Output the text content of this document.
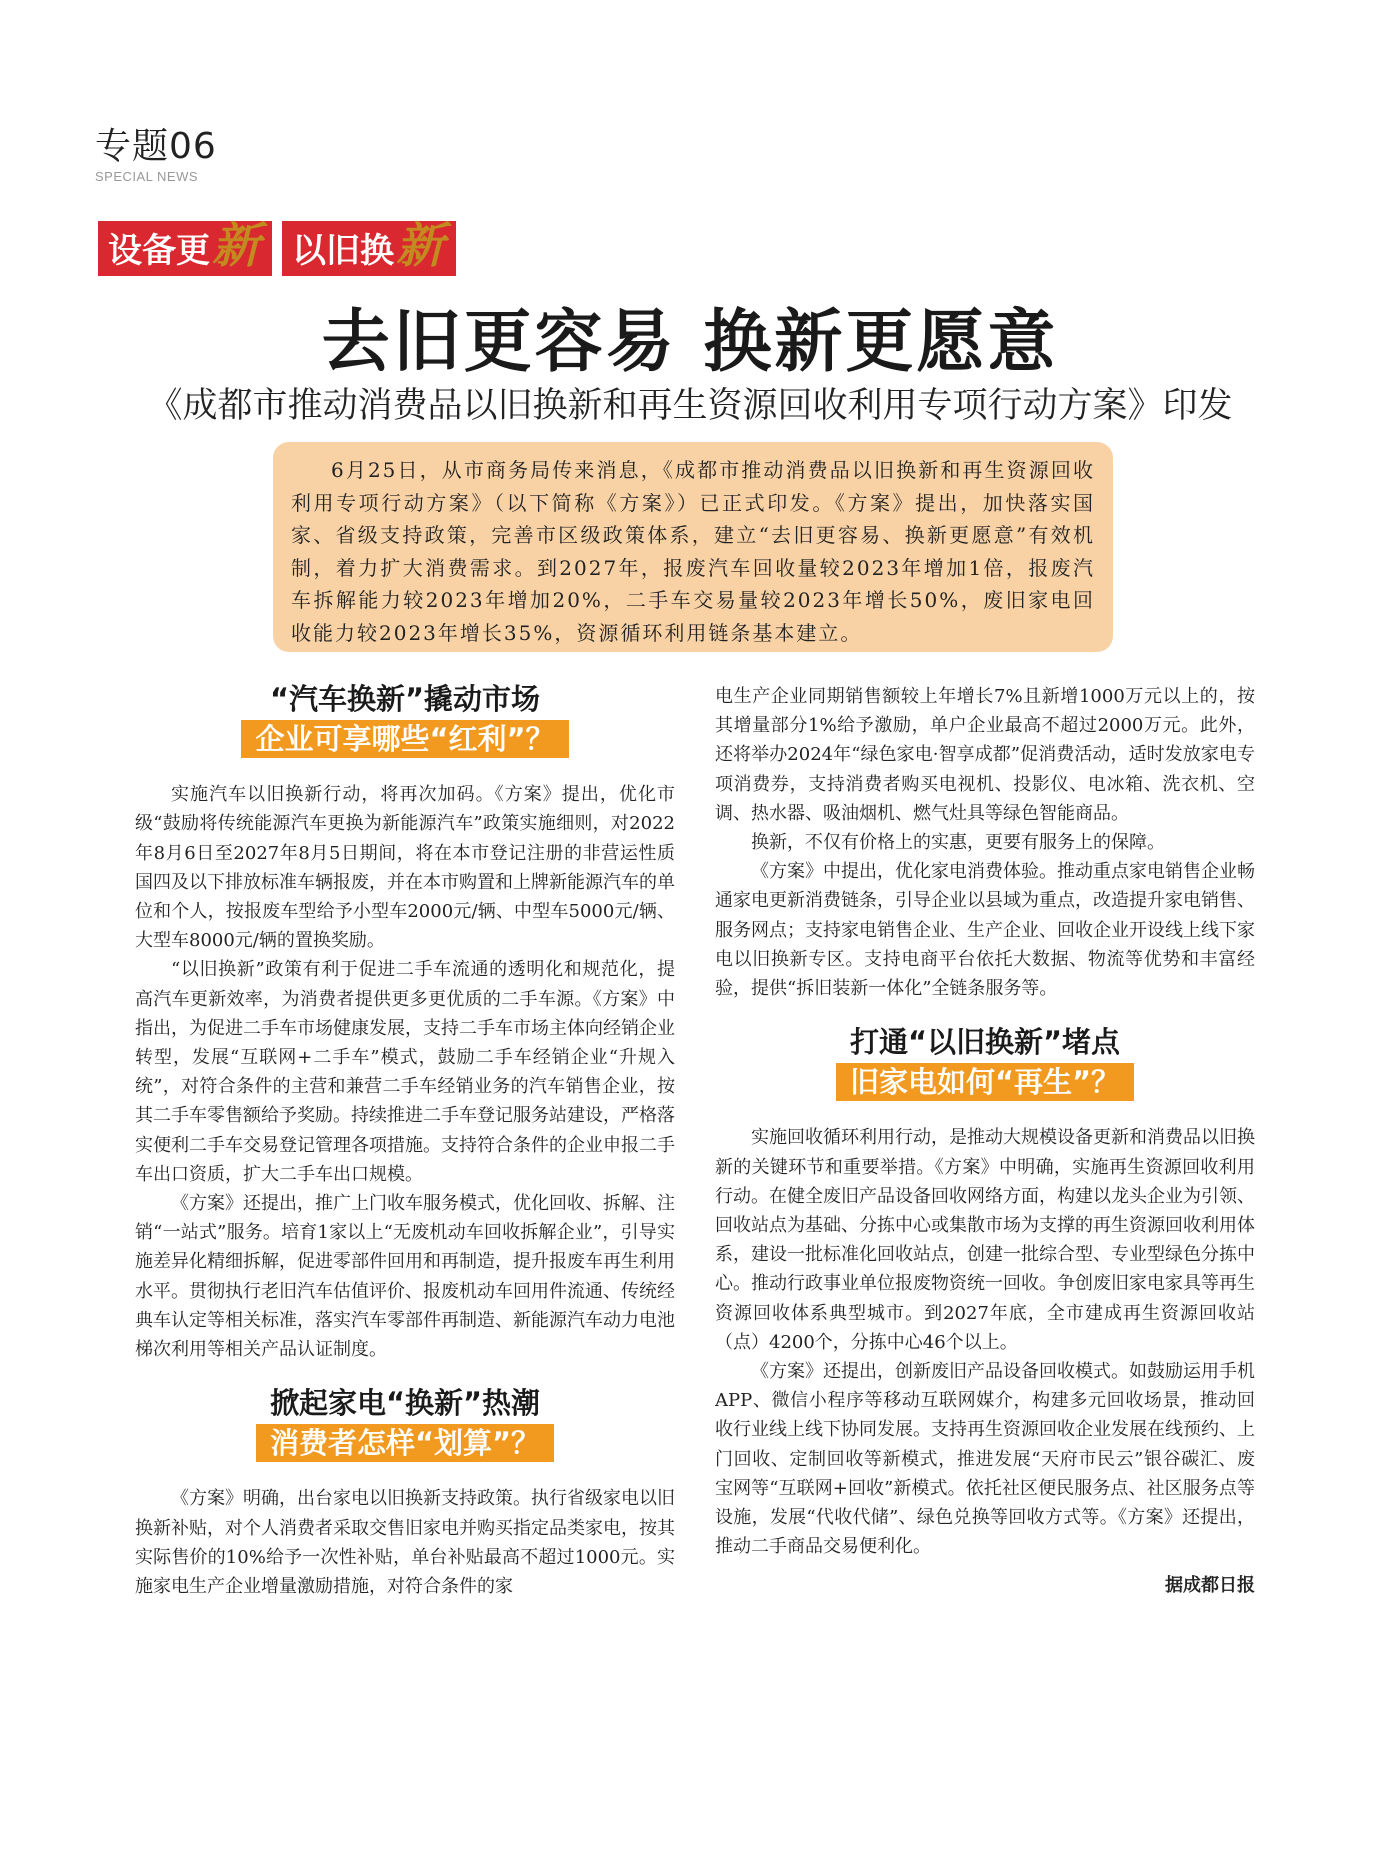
专题06
SPECIAL NEWS
设备更新 以旧换新
去旧更容易 换新更愿意
《成都市推动消费品以旧换新和再生资源回收利用专项行动方案》印发

6月25日，从市商务局传来消息，《成都市推动消费品以旧换新和再生资源回收利用专项行动方案》（以下简称《方案》）已正式印发。《方案》提出，加快落实国家、省级支持政策，完善市区级政策体系，建立“去旧更容易、换新更愿意”有效机制，着力扩大消费需求。到2027年，报废汽车回收量较2023年增加1倍，报废汽车拆解能力较2023年增加20%，二手车交易量较2023年增长50%，废旧家电回收能力较2023年增长35%，资源循环利用链条基本建立。

“汽车换新”撬动市场
企业可享哪些“红利”？

实施汽车以旧换新行动，将再次加码。《方案》提出，优化市级“鼓励将传统能源汽车更换为新能源汽车”政策实施细则，对2022年8月6日至2027年8月5日期间，将在本市登记注册的非营运性质国四及以下排放标准车辆报废，并在本市购置和上牌新能源汽车的单位和个人，按报废车型给予小型车2000元/辆、中型车5000元/辆、大型车8000元/辆的置换奖励。

“以旧换新”政策有利于促进二手车流通的透明化和规范化，提高汽车更新效率，为消费者提供更多更优质的二手车源。《方案》中指出，为促进二手车市场健康发展，支持二手车市场主体向经销企业转型，发展“互联网+二手车”模式，鼓励二手车经销企业“升规入统”，对符合条件的主营和兼营二手车经销业务的汽车销售企业，按其二手车零售额给予奖励。持续推进二手车登记服务站建设，严格落实便利二手车交易登记管理各项措施。支持符合条件的企业申报二手车出口资质，扩大二手车出口规模。

《方案》还提出，推广上门收车服务模式，优化回收、拆解、注销“一站式”服务。培育1家以上“无废机动车回收拆解企业”，引导实施差异化精细拆解，促进零部件回用和再制造，提升报废车再生利用水平。贯彻执行老旧汽车估值评价、报废机动车回用件流通、传统经典车认定等相关标准，落实汽车零部件再制造、新能源汽车动力电池梯次利用等相关产品认证制度。

掀起家电“换新”热潮
消费者怎样“划算”？

《方案》明确，出台家电以旧换新支持政策。执行省级家电以旧换新补贴，对个人消费者采取交售旧家电并购买指定品类家电，按其实际售价的10%给予一次性补贴，单台补贴最高不超过1000元。实施家电生产企业增量激励措施，对符合条件的家

电生产企业同期销售额较上年增长7%且新增1000万元以上的，按其增量部分1%给予激励，单户企业最高不超过2000万元。此外，还将举办2024年“绿色家电·智享成都”促消费活动，适时发放家电专项消费券，支持消费者购买电视机、投影仪、电冰箱、洗衣机、空调、热水器、吸油烟机、燃气灶具等绿色智能商品。

换新，不仅有价格上的实惠，更要有服务上的保障。

《方案》中提出，优化家电消费体验。推动重点家电销售企业畅通家电更新消费链条，引导企业以县域为重点，改造提升家电销售、服务网点；支持家电销售企业、生产企业、回收企业开设线上线下家电以旧换新专区。支持电商平台依托大数据、物流等优势和丰富经验，提供“拆旧装新一体化”全链条服务等。

打通“以旧换新”堵点
旧家电如何“再生”？

实施回收循环利用行动，是推动大规模设备更新和消费品以旧换新的关键环节和重要举措。《方案》中明确，实施再生资源回收利用行动。在健全废旧产品设备回收网络方面，构建以龙头企业为引领、回收站点为基础、分拣中心或集散市场为支撑的再生资源回收利用体系，建设一批标准化回收站点，创建一批综合型、专业型绿色分拣中心。推动行政事业单位报废物资统一回收。争创废旧家电家具等再生资源回收体系典型城市。到2027年底，全市建成再生资源回收站（点）4200个，分拣中心46个以上。

《方案》还提出，创新废旧产品设备回收模式。如鼓励运用手机APP、微信小程序等移动互联网媒介，构建多元回收场景，推动回收行业线上线下协同发展。支持再生资源回收企业发展在线预约、上门回收、定制回收等新模式，推进发展“天府市民云”银谷碳汇、废宝网等“互联网+回收”新模式。依托社区便民服务点、社区服务点等设施，发展“代收代储”、绿色兑换等回收方式等。《方案》还提出，推动二手商品交易便利化。

据成都日报
